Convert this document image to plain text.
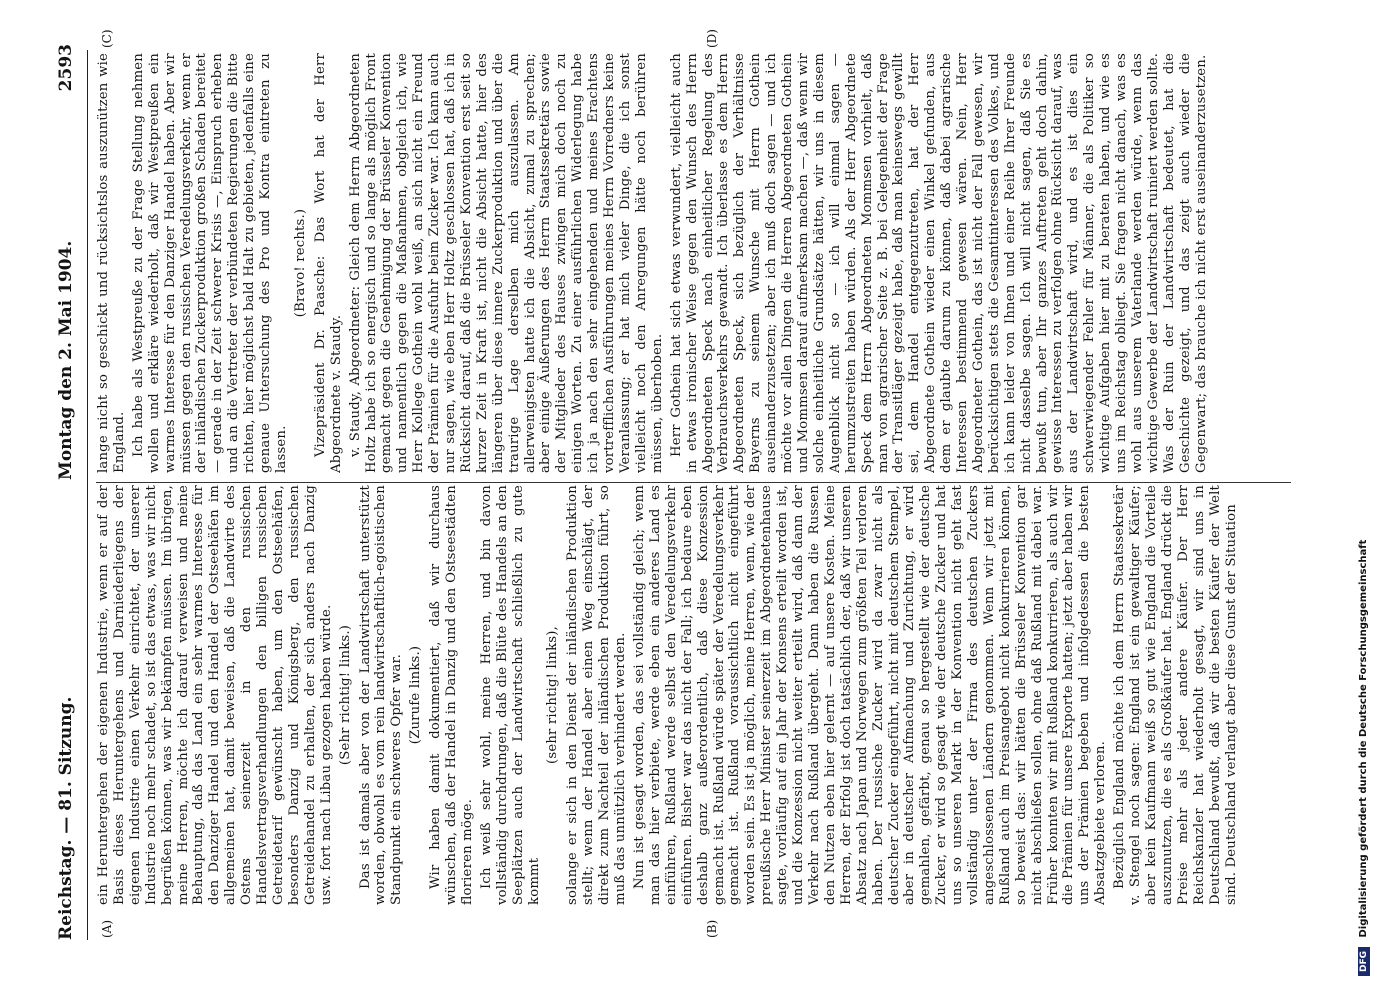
Reichstag. — 81. Sitzung.
Montag den 2. Mai 1904.
2593
(A)	(B)
(C)	(D)

ein Heruntergehen der eigenen Industrie, wenn er auf der Basis dieses Heruntergehens und Darniederliegens der eigenen Industrie einen Verkehr einrichtet, der unserer Industrie noch mehr schadet, so ist das etwas, was wir nicht begrüßen können, was wir bekämpfen müssen. Im übrigen, meine Herren, möchte ich darauf verweisen und meine Behauptung, daß das Land ein sehr warmes Interesse für den Danziger Handel und den Handel der Ostseehäfen im allgemeinen hat, damit beweisen, daß die Landwirte des Ostens seinerzeit in den russischen Handelsvertragsverhandlungen den billigen russischen Getreidetarif gewünscht haben, um den Ostseehäfen, besonders Danzig und Königsberg, den russischen Getreidehandel zu erhalten, der sich anders nach Danzig usw. fort nach Libau gezogen haben würde. (Sehr richtig! links.) Das ist damals aber von der Landwirtschaft unterstützt worden, obwohl es vom rein landwirtschaftlich-egoistischen Standpunkt ein schweres Opfer war. (Zurufe links.) Wir haben damit dokumentiert, daß wir durchaus wünschen, daß der Handel in Danzig und den Ostseestädten florieren möge. Ich weiß sehr wohl, meine Herren, und bin davon vollständig durchdrungen, daß die Blüte des Handels an den Seeplätzen auch der Landwirtschaft schließlich zu gute kommt

(sehr richtig! links), solange er sich in den Dienst der inländischen Produktion stellt; wenn der Handel aber einen Weg einschlägt, der direkt zum Nachteil der inländischen Produktion führt, so muß das unnützlich verhindert werden. Nun ist gesagt worden, das sei vollständig gleich; wenn man das hier verbiete, werde eben ein anderes Land es einführen, Rußland werde selbst den Veredelungsverkehr einführen. Bisher war das nicht der Fall; ich bedaure eben deshalb ganz außerordentlich, daß diese Konzession gemacht ist. Rußland würde später der Veredelungsverkehr gemacht ist. Rußland voraussichtlich nicht eingeführt worden sein. Es ist ja möglich, meine Herren, wenn, wie der preußische Herr Minister seinerzeit im Abgeordnetenhause sagte, vorläufig auf ein Jahr der Konsens erteilt worden ist, und die Konzession nicht weiter erteilt wird, daß dann der Verkehr nach Rußland übergeht. Dann haben die Russen den Nutzen eben hier gelernt — auf unsere Kosten. Meine Herren, der Erfolg ist doch tatsächlich der, daß wir unseren Absatz nach Japan und Norwegen zum größten Teil verloren haben. Der russische Zucker wird da zwar nicht als deutscher Zucker eingeführt, nicht mit deutschem Stempel, aber in deutscher Aufmachung und Zurichtung, er wird gemahlen, gefärbt, genau so hergestellt wie der deutsche Zucker, er wird so gesagt wie der deutsche Zucker und hat uns so unseren Markt in der Konvention nicht geht fast vollständig unter der Firma des deutschen Zuckers angeschlossenen Ländern genommen. Wenn wir jetzt mit Rußland auch im Preisangebot nicht konkurrieren können, so beweist das: wir hätten die Brüsseler Konvention gar nicht abschließen sollen, ohne daß Rußland mit dabei war. Früher konnten wir mit Rußland konkurrieren, als auch wir die Prämien für unsere Exporte hatten; jetzt aber haben wir uns der Prämien begeben und infolgedessen die besten Absatzgebiete verloren. Bezüglich England möchte ich dem Herrn Staatssekretär v. Stengel noch sagen: England ist ein gewaltiger Käufer; aber kein Kaufmann weiß so gut wie England die Vorteile auszunutzen, die es als Großkäufer hat. England drückt die Preise mehr als jeder andere Käufer. Der Herr Reichskanzler hat wiederholt gesagt, wir sind uns in Deutschland bewußt, daß wir die besten Käufer der Welt sind. Deutschland verlangt aber diese Gunst der Situation

lange nicht so geschickt und rücksichtslos auszunützen wie England. Ich habe als Westpreuße zu der Frage Stellung nehmen wollen und erkläre wiederholt, daß wir Westpreußen ein warmes Interesse für den Danziger Handel haben. Aber wir müssen gegen den russischen Veredelungsverkehr, wenn er der inländischen Zuckerproduktion großen Schaden bereitet — gerade in der Zeit schwerer Krisis —, Einspruch erheben und an die Vertreter der verbündeten Regierungen die Bitte richten, hier möglichst bald Halt zu gebieten, jedenfalls eine genaue Untersuchung des Pro und Kontra eintreten zu lassen.

(Bravo! rechts.) Vizepräsident Dr. Paasche: Das Wort hat der Herr Abgeordnete v. Staudy. v. Staudy, Abgeordneter: Gleich dem Herrn Abgeordneten Holtz habe ich so energisch und so lange als möglich Front gemacht gegen die Genehmigung der Brüsseler Konvention und namentlich gegen die Maßnahmen, obgleich ich, wie Herr Kollege Gothein wohl weiß, an sich nicht ein Freund der Prämien für die Ausfuhr beim Zucker war. Ich kann auch nur sagen, wie eben Herr Holtz geschlossen hat, daß ich in Rücksicht darauf, daß die Brüsseler Konvention erst seit so kurzer Zeit in Kraft ist, nicht die Absicht hatte, hier des längeren über diese innere Zuckerproduktion und über die traurige Lage derselben mich auszulassen. Am allerwenigsten hatte ich die Absicht, zumal zu sprechen; aber einige Äußerungen des Herrn Staatssekretärs sowie der Mitglieder des Hauses zwingen mich doch noch zu einigen Worten. Zu einer ausführlichen Widerlegung habe ich ja nach den sehr eingehenden und meines Erachtens vortrefflichen Ausführungen meines Herrn Vorredners keine Veranlassung; er hat mich vieler Dinge, die ich sonst vielleicht noch den Anregungen hätte noch berühren müssen, überhoben. Herr Gothein hat sich etwas verwundert, vielleicht auch in etwas ironischer Weise gegen den Wunsch des Herrn Abgeordneten Speck nach einheitlicher Regelung des Verbrauchsverkehrs gewandt. Ich überlasse es dem Herrn Abgeordneten Speck, sich bezüglich der Verhältnisse Bayerns zu seinem Wunsche mit Herrn Gothein auseinanderzusetzen; aber ich muß doch sagen — und ich möchte vor allen Dingen die Herren Abgeordneten Gothein und Mommsen darauf aufmerksam machen —, daß wenn wir solche einheitliche Grundsätze hätten, wir uns in diesem Augenblick nicht so — ich will einmal sagen — herumzustreiten haben würden. Als der Herr Abgeordnete Speck dem Herrn Abgeordneten Mommsen vorhielt, daß man von agrarischer Seite z. B. bei Gelegenheit der Frage der Transitläger gezeigt habe, daß man keineswegs gewillt sei, dem Handel entgegenzutreten, hat der Herr Abgeordnete Gothein wieder einen Winkel gefunden, aus dem er glaubte darum zu können, daß dabei agrarische Interessen bestimmend gewesen wären. Nein, Herr Abgeordneter Gothein, das ist nicht der Fall gewesen, wir berücksichtigen stets die Gesamtinteressen des Volkes, und ich kann leider von Ihnen und einer Reihe Ihrer Freunde nicht dasselbe sagen. Ich will nicht sagen, daß Sie es bewußt tun, aber Ihr ganzes Auftreten geht doch dahin, gewisse Interessen zu verfolgen ohne Rücksicht darauf, was aus der Landwirtschaft wird, und es ist dies ein schwerwiegender Fehler für Männer, die als Politiker so wichtige Aufgaben hier mit zu beraten haben, und wie es uns im Reichstag obliegt. Sie fragen nicht danach, was es wohl aus unserem Vaterlande werden würde, wenn das wichtige Gewerbe der Landwirtschaft ruiniert werden sollte. Was der Ruin der Landwirtschaft bedeutet, hat die Geschichte gezeigt, und das zeigt auch wieder die Gegenwart; das brauche ich nicht erst auseinanderzusetzen.

DFG Digitalisierung gefördert durch die Deutsche Forschungsgemeinschaft
